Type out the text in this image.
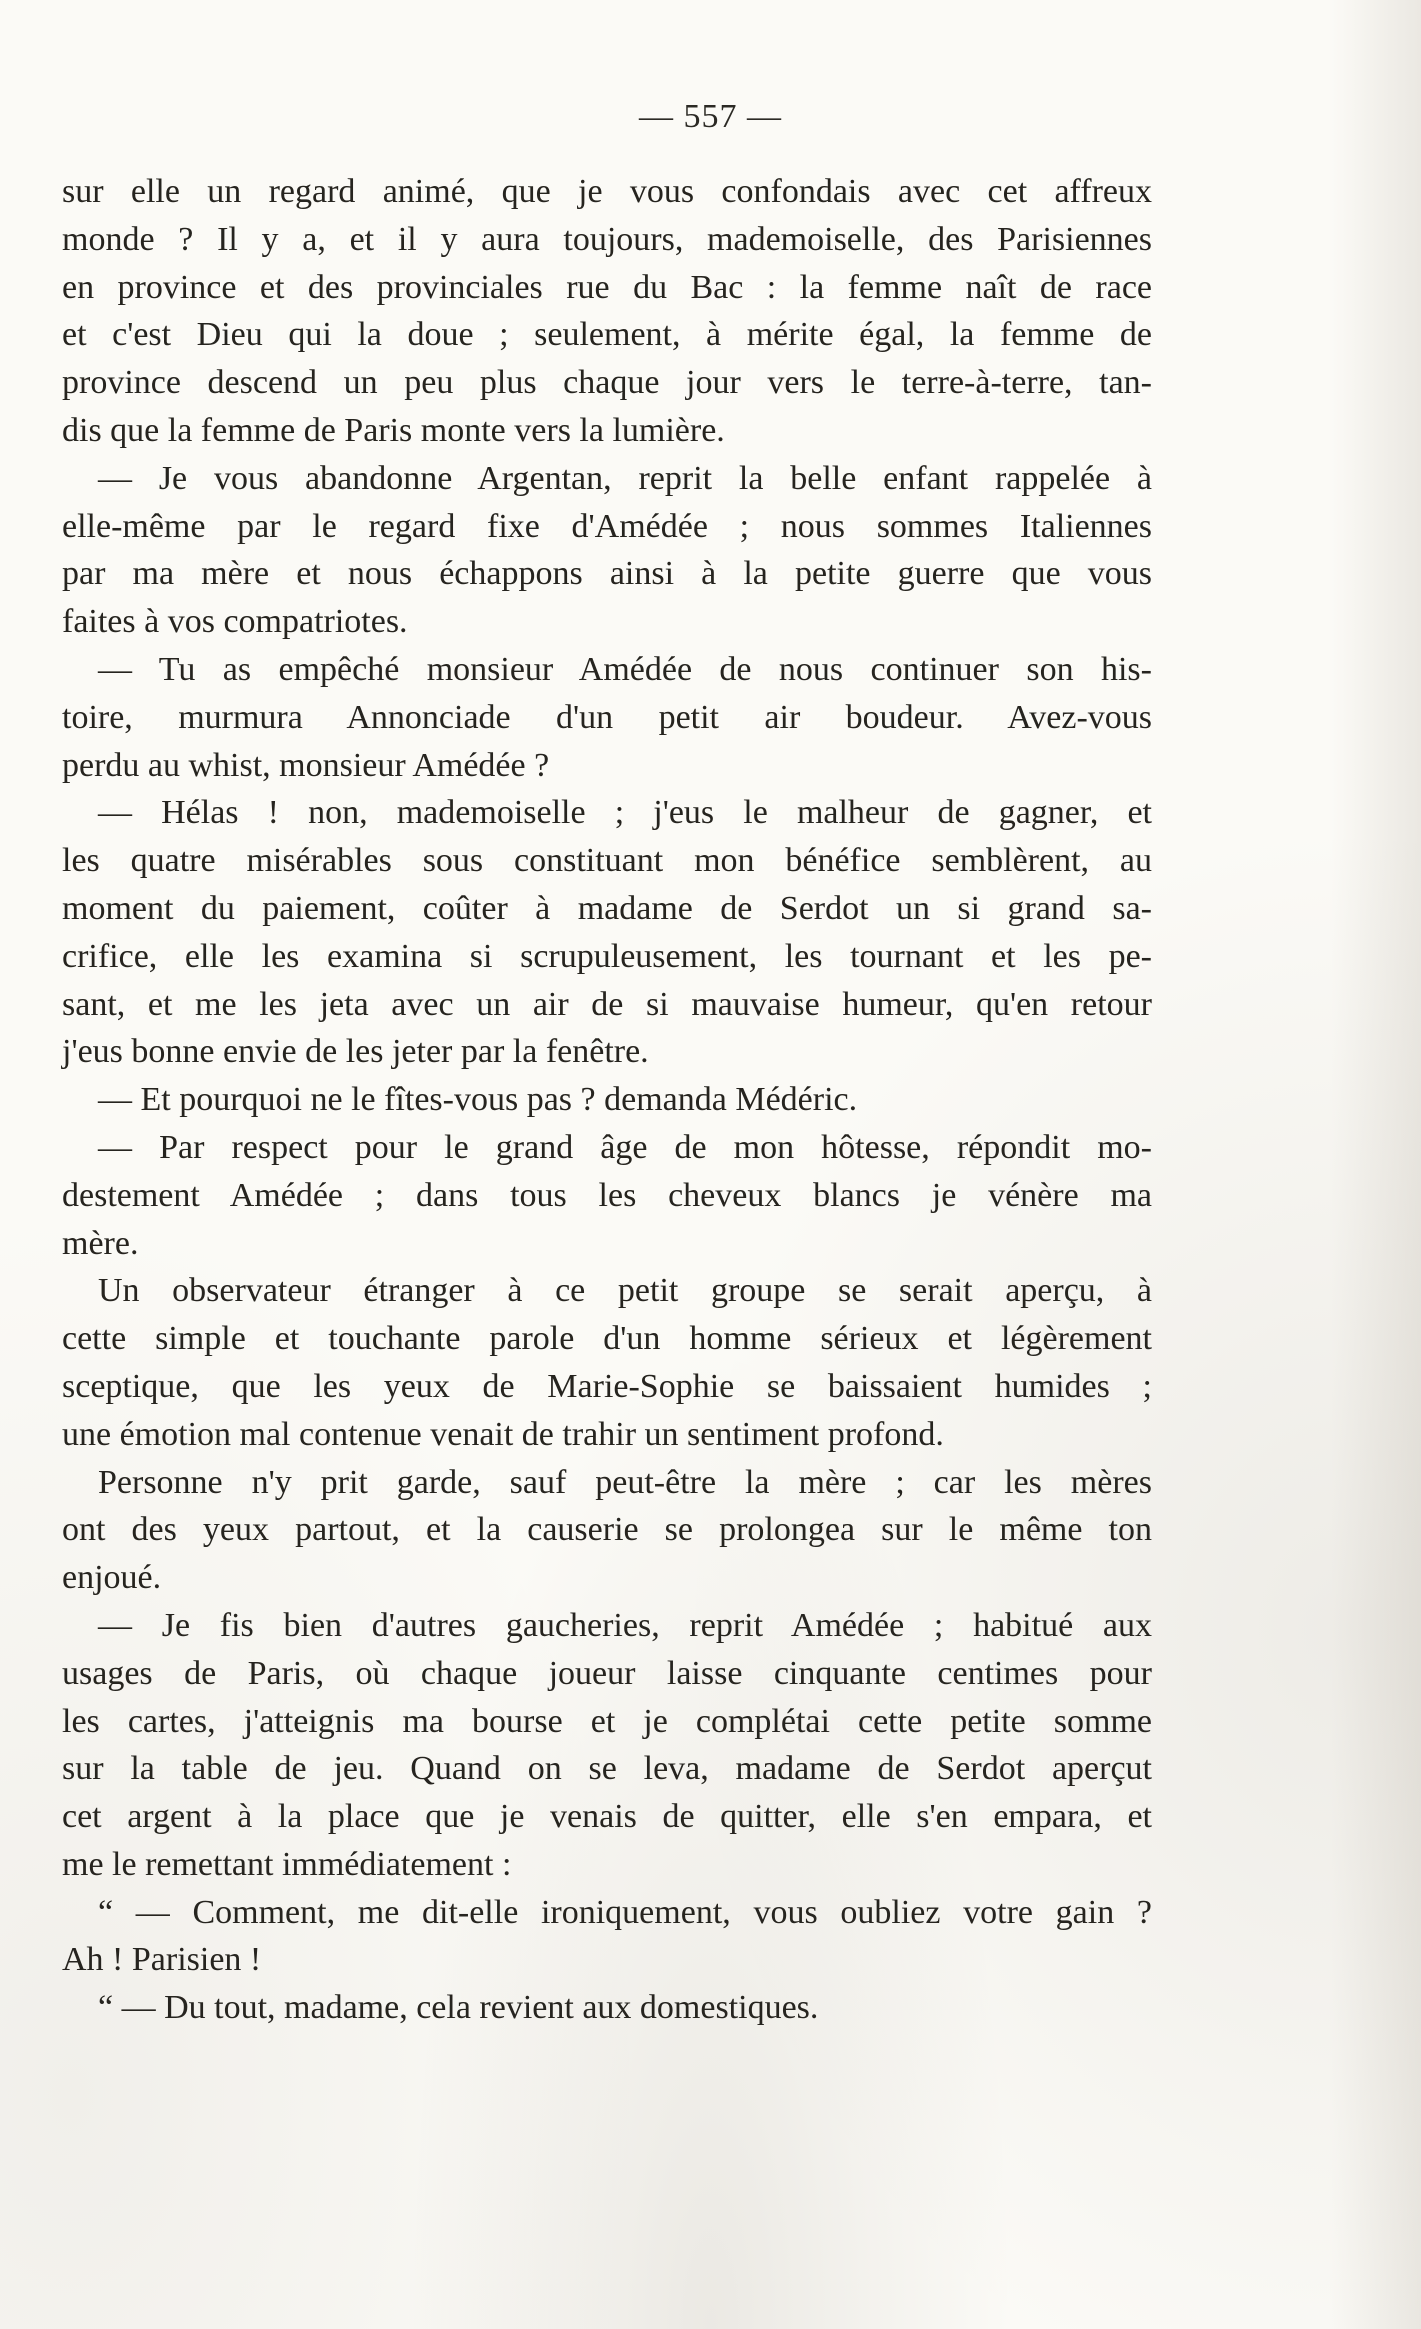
— 557 —
sur elle un regard animé, que je vous confondais avec cet affreux
monde ? Il y a, et il y aura toujours, mademoiselle, des Parisiennes
en province et des provinciales rue du Bac : la femme naît de race
et c'est Dieu qui la doue ; seulement, à mérite égal, la femme de
province descend un peu plus chaque jour vers le terre-à-terre, tan-
dis que la femme de Paris monte vers la lumière.
— Je vous abandonne Argentan, reprit la belle enfant rappelée à
elle-même par le regard fixe d'Amédée ; nous sommes Italiennes
par ma mère et nous échappons ainsi à la petite guerre que vous
faites à vos compatriotes.
— Tu as empêché monsieur Amédée de nous continuer son his-
toire, murmura Annonciade d'un petit air boudeur. Avez-vous
perdu au whist, monsieur Amédée ?
— Hélas ! non, mademoiselle ; j'eus le malheur de gagner, et
les quatre misérables sous constituant mon bénéfice semblèrent, au
moment du paiement, coûter à madame de Serdot un si grand sa-
crifice, elle les examina si scrupuleusement, les tournant et les pe-
sant, et me les jeta avec un air de si mauvaise humeur, qu'en retour
j'eus bonne envie de les jeter par la fenêtre.
— Et pourquoi ne le fîtes-vous pas ? demanda Médéric.
— Par respect pour le grand âge de mon hôtesse, répondit mo-
destement Amédée ; dans tous les cheveux blancs je vénère ma
mère.
Un observateur étranger à ce petit groupe se serait aperçu, à
cette simple et touchante parole d'un homme sérieux et légèrement
sceptique, que les yeux de Marie-Sophie se baissaient humides ;
une émotion mal contenue venait de trahir un sentiment profond.
Personne n'y prit garde, sauf peut-être la mère ; car les mères
ont des yeux partout, et la causerie se prolongea sur le même ton
enjoué.
— Je fis bien d'autres gaucheries, reprit Amédée ; habitué aux
usages de Paris, où chaque joueur laisse cinquante centimes pour
les cartes, j'atteignis ma bourse et je complétai cette petite somme
sur la table de jeu. Quand on se leva, madame de Serdot aperçut
cet argent à la place que je venais de quitter, elle s'en empara, et
me le remettant immédiatement :
“ — Comment, me dit-elle ironiquement, vous oubliez votre gain ?
Ah ! Parisien !
“ — Du tout, madame, cela revient aux domestiques.
